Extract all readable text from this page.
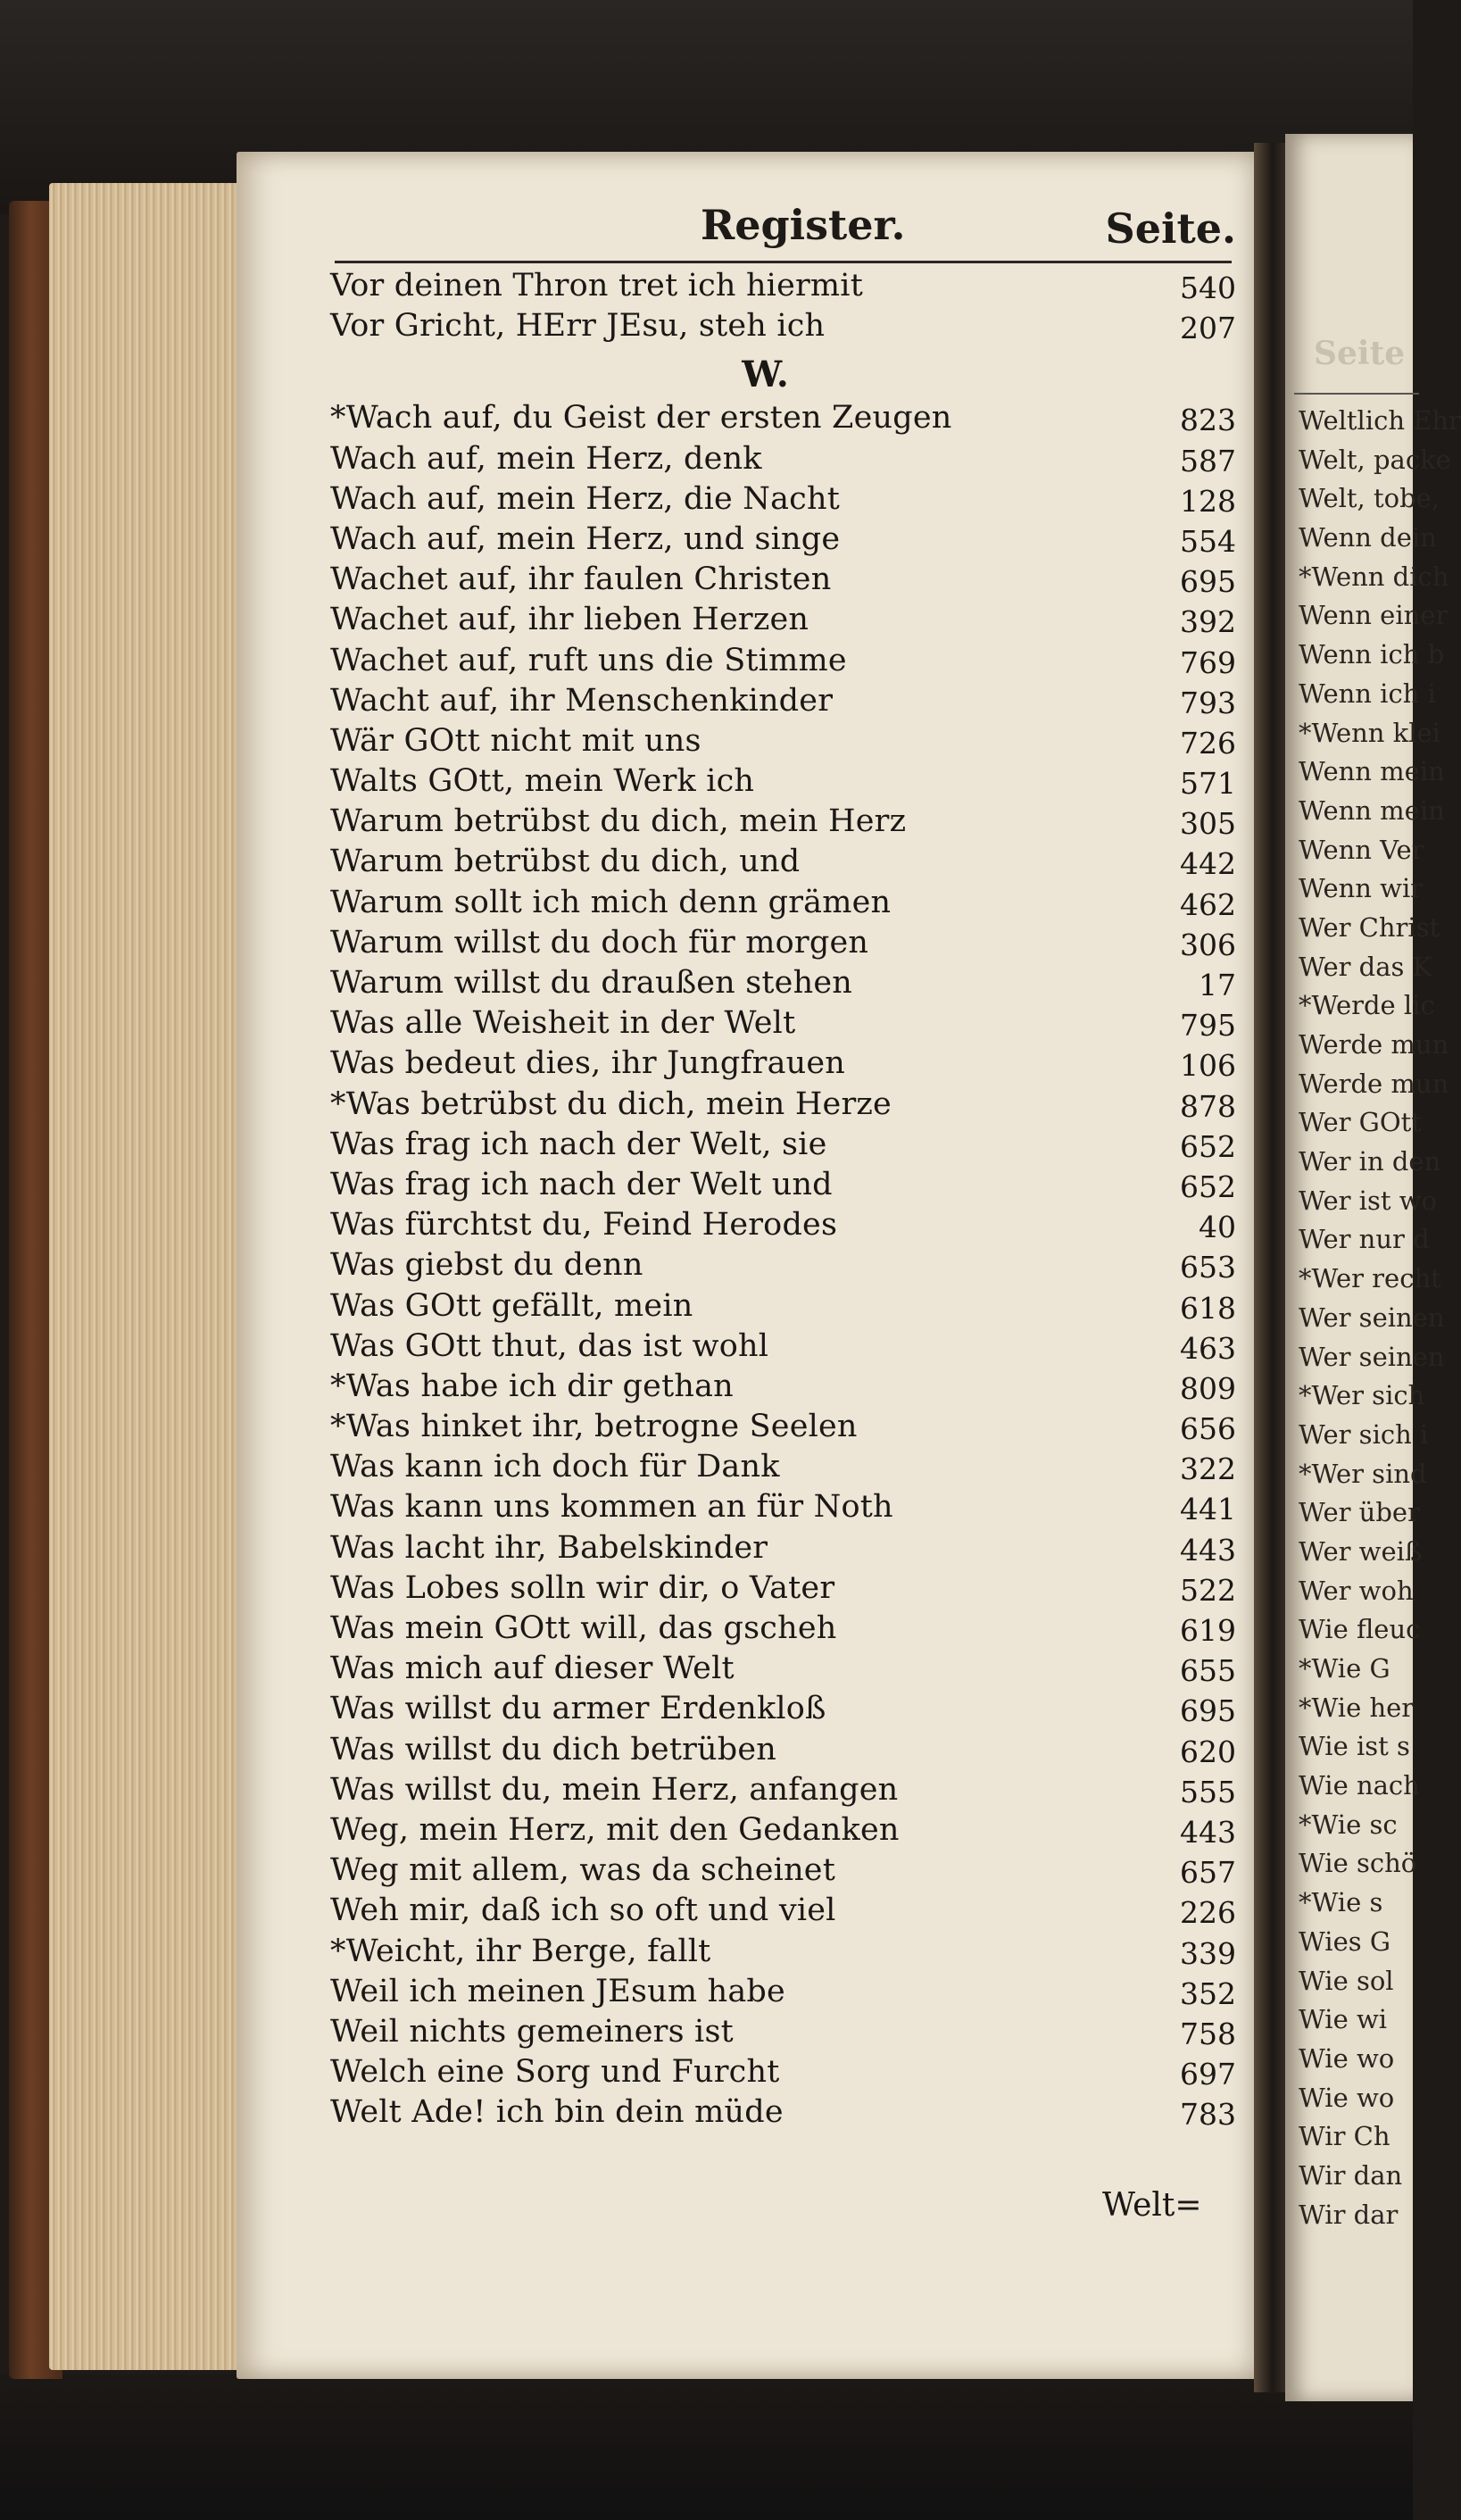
Register.	Seite.
Vor deinen Thron tret ich hiermit	540
Vor Gricht, HErr JEsu, steh ich	207
W.
*Wach auf, du Geist der ersten Zeugen	823
Wach auf, mein Herz, denk	587
Wach auf, mein Herz, die Nacht	128
Wach auf, mein Herz, und singe	554
Wachet auf, ihr faulen Christen	695
Wachet auf, ihr lieben Herzen	392
Wachet auf, ruft uns die Stimme	769
Wacht auf, ihr Menschenkinder	793
Wär GOtt nicht mit uns	726
Walts GOtt, mein Werk ich	571
Warum betrübst du dich, mein Herz	305
Warum betrübst du dich, und	442
Warum sollt ich mich denn grämen	462
Warum willst du doch für morgen	306
Warum willst du draußen stehen	17
Was alle Weisheit in der Welt	795
Was bedeut dies, ihr Jungfrauen	106
*Was betrübst du dich, mein Herze	878
Was frag ich nach der Welt, sie	652
Was frag ich nach der Welt und	652
Was fürchtst du, Feind Herodes	40
Was giebst du denn	653
Was GOtt gefällt, mein	618
Was GOtt thut, das ist wohl	463
*Was habe ich dir gethan	809
*Was hinket ihr, betrogne Seelen	656
Was kann ich doch für Dank	322
Was kann uns kommen an für Noth	441
Was lacht ihr, Babelskinder	443
Was Lobes solln wir dir, o Vater	522
Was mein GOtt will, das gscheh	619
Was mich auf dieser Welt	655
Was willst du armer Erdenkloß	695
Was willst du dich betrüben	620
Was willst du, mein Herz, anfangen	555
Weg, mein Herz, mit den Gedanken	443
Weg mit allem, was da scheinet	657
Weh mir, daß ich so oft und viel	226
*Weicht, ihr Berge, fallt	339
Weil ich meinen JEsum habe	352
Weil nichts gemeiners ist	758
Welch eine Sorg und Furcht	697
Welt Ade! ich bin dein müde	783
Welt=
Seite
Weltlich Ehr
Welt, packe
Welt, tobe,
Wenn dein
*Wenn dich
Wenn einer
Wenn ich b
Wenn ich i
*Wenn klei
Wenn mein
Wenn mein
Wenn Ver
Wenn wir
Wer Christ
Wer das K
*Werde lic
Werde mun
Werde mun
Wer GOtt
Wer in den
Wer ist wo
Wer nur d
*Wer recht
Wer seinen
Wer seinen
*Wer sich
Wer sich i
*Wer sind
Wer über
Wer weiß
Wer woh
Wie fleuc
*Wie G
*Wie her
Wie ist s
Wie nach
*Wie sc
Wie schö
*Wie s
Wies G
Wie sol
Wie wi
Wie wo
Wie wo
Wir Ch
Wir dan
Wir dar
